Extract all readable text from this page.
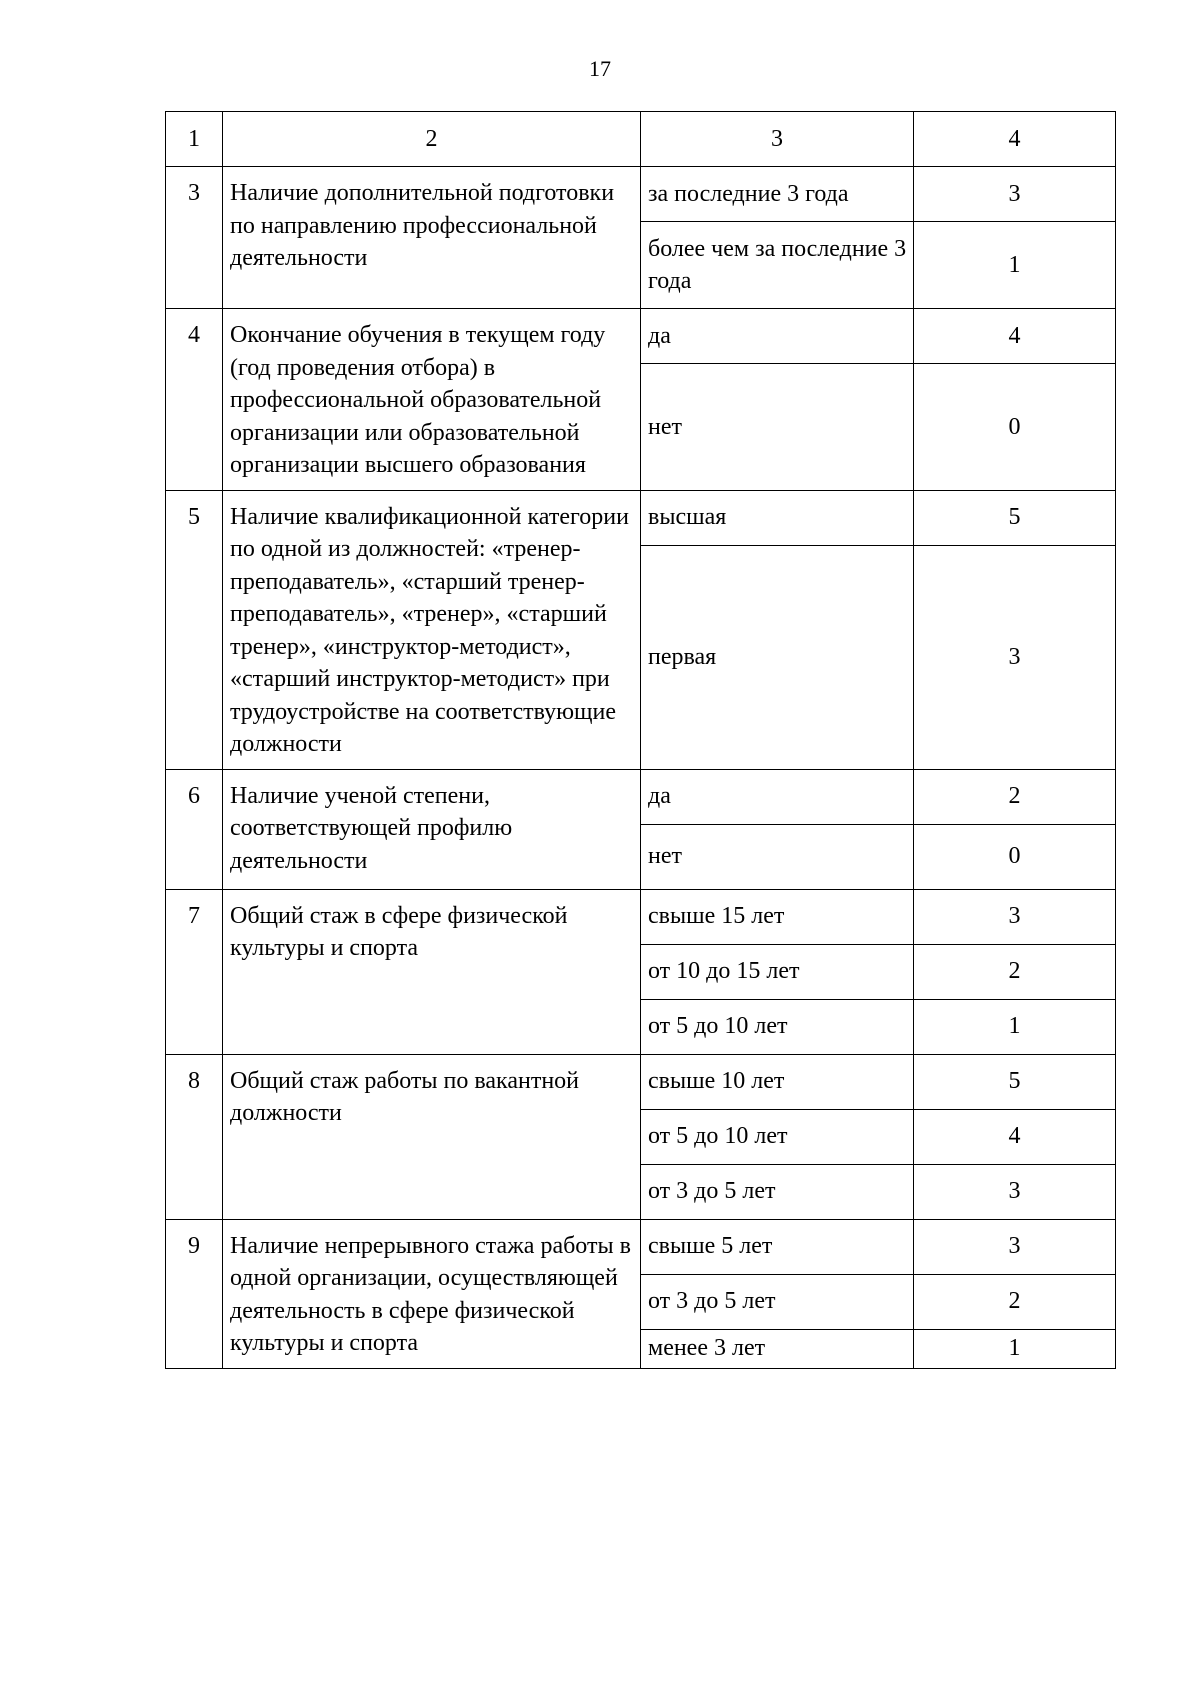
17
1	2	3	4
3	Наличие дополнительной подготовки по направлению профессиональной деятельности	за последние 3 года	3
		более чем за последние 3 года	1
4	Окончание обучения в текущем году (год проведения отбора) в профессиональной образовательной организации или образовательной организации высшего образования	да	4
		нет	0
5	Наличие квалификационной категории по одной из должностей: «тренер-преподаватель», «старший тренер-преподаватель», «тренер», «старший тренер», «инструктор-методист», «старший инструктор-методист» при трудоустройстве на соответствующие должности	высшая	5
		первая	3
6	Наличие ученой степени, соответствующей профилю деятельности	да	2
		нет	0
7	Общий стаж в сфере физической культуры и спорта	свыше 15 лет	3
		от 10 до 15 лет	2
		от 5 до 10 лет	1
8	Общий стаж работы по вакантной должности	свыше 10 лет	5
		от 5 до 10 лет	4
		от 3 до 5 лет	3
9	Наличие непрерывного стажа работы в одной организации, осуществляющей деятельность в сфере физической культуры и спорта	свыше 5 лет	3
		от 3 до 5 лет	2
		менее 3 лет	1
